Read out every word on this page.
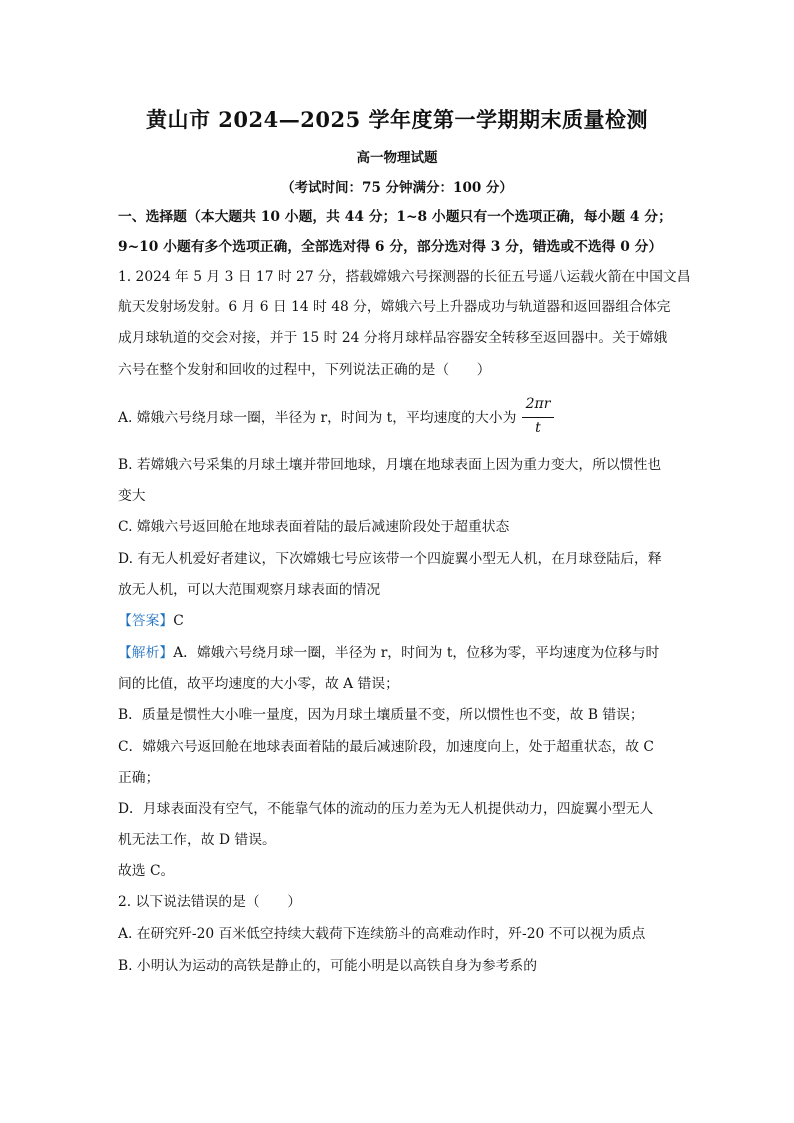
黄山市 2024—2025 学年度第一学期期末质量检测
高一物理试题
（考试时间：75 分钟满分：100 分）
一、选择题（本大题共 10 小题，共 44 分；1~8 小题只有一个选项正确，每小题 4 分；
9~10 小题有多个选项正确，全部选对得 6 分，部分选对得 3 分，错选或不选得 0 分）
1. 2024 年 5 月 3 日 17 时 27 分，搭载嫦娥六号探测器的长征五号遥八运载火箭在中国文昌
航天发射场发射。6 月 6 日 14 时 48 分，嫦娥六号上升器成功与轨道器和返回器组合体完
成月球轨道的交会对接，并于 15 时 24 分将月球样品容器安全转移至返回器中。关于嫦娥
六号在整个发射和回收的过程中，下列说法正确的是（　　）
A. 嫦娥六号绕月球一圈，半径为 r，时间为 t，平均速度的大小为
2πr
t
B. 若嫦娥六号采集的月球土壤并带回地球，月壤在地球表面上因为重力变大，所以惯性也
变大
C. 嫦娥六号返回舱在地球表面着陆的最后减速阶段处于超重状态
D. 有无人机爱好者建议，下次嫦娥七号应该带一个四旋翼小型无人机，在月球登陆后，释
放无人机，可以大范围观察月球表面的情况
【答案】C
【解析】A．嫦娥六号绕月球一圈，半径为 r，时间为 t，位移为零，平均速度为位移与时
间的比值，故平均速度的大小零，故 A 错误；
B．质量是惯性大小唯一量度，因为月球土壤质量不变，所以惯性也不变，故 B 错误；
C．嫦娥六号返回舱在地球表面着陆的最后减速阶段，加速度向上，处于超重状态，故 C
正确；
D．月球表面没有空气，不能靠气体的流动的压力差为无人机提供动力，四旋翼小型无人
机无法工作，故 D 错误。
故选 C。
2. 以下说法错误的是（　　）
A. 在研究歼-20 百米低空持续大载荷下连续筋斗的高难动作时，歼-20 不可以视为质点
B. 小明认为运动的高铁是静止的，可能小明是以高铁自身为参考系的
